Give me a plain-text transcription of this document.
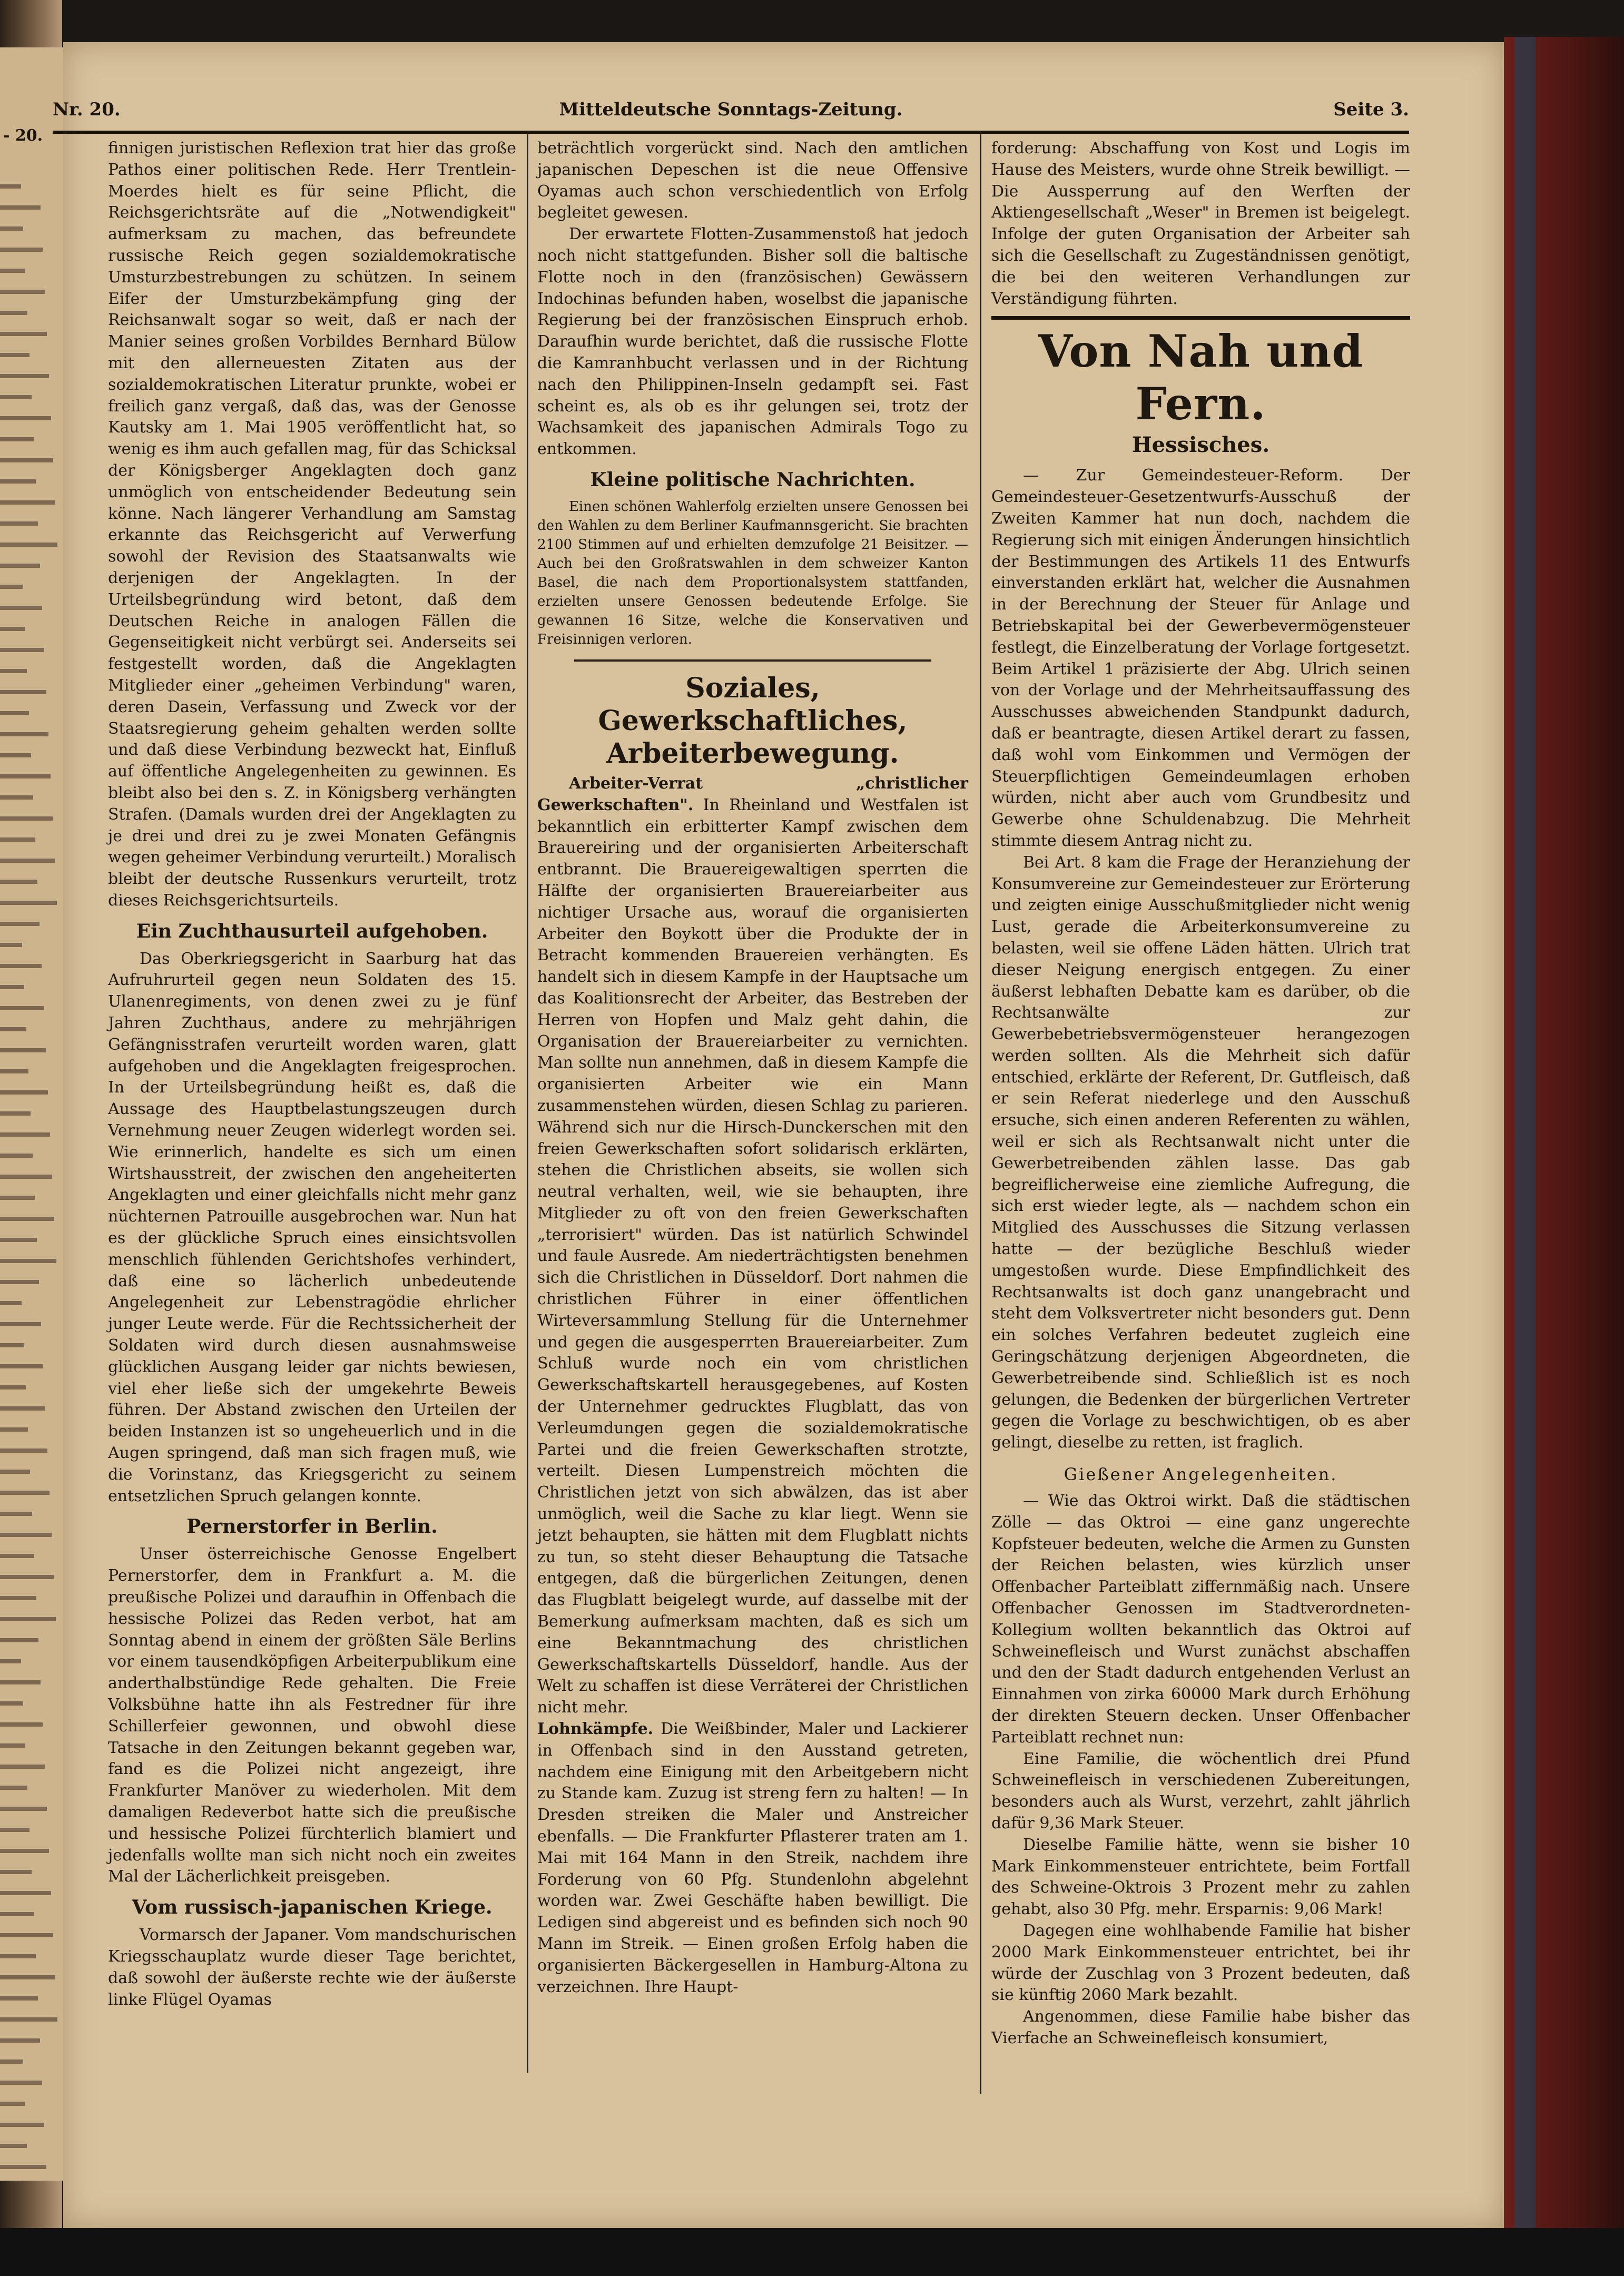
- 20.
Nr. 20.	Mitteldeutsche Sonntags-Zeitung.	Seite 3.

finnigen juristischen Reflexion trat hier das große Pathos einer politischen Rede. Herr Trentlein-Moerdes hielt es für seine Pflicht, die Reichsgerichtsräte auf die „Notwendigkeit" aufmerksam zu machen, das befreundete russische Reich gegen sozialdemokratische Umsturzbestrebungen zu schützen. In seinem Eifer der Umsturzbekämpfung ging der Reichsanwalt sogar so weit, daß er nach der Manier seines großen Vorbildes Bernhard Bülow mit den allerneuesten Zitaten aus der sozialdemokratischen Literatur prunkte, wobei er freilich ganz vergaß, daß das, was der Genosse Kautsky am 1. Mai 1905 veröffentlicht hat, so wenig es ihm auch gefallen mag, für das Schicksal der Königsberger Angeklagten doch ganz unmöglich von entscheidender Bedeutung sein könne. Nach längerer Verhandlung am Samstag erkannte das Reichsgericht auf Verwerfung sowohl der Revision des Staatsanwalts wie derjenigen der Angeklagten. In der Urteilsbegründung wird betont, daß dem Deutschen Reiche in analogen Fällen die Gegenseitigkeit nicht verbürgt sei. Anderseits sei festgestellt worden, daß die Angeklagten Mitglieder einer „geheimen Verbindung" waren, deren Dasein, Verfassung und Zweck vor der Staatsregierung geheim gehalten werden sollte und daß diese Verbindung bezweckt hat, Einfluß auf öffentliche Angelegenheiten zu gewinnen. Es bleibt also bei den s. Z. in Königsberg verhängten Strafen. (Damals wurden drei der Angeklagten zu je drei und drei zu je zwei Monaten Gefängnis wegen geheimer Verbindung verurteilt.) Moralisch bleibt der deutsche Russenkurs verurteilt, trotz dieses Reichsgerichtsurteils.

Ein Zuchthausurteil aufgehoben.

Das Oberkriegsgericht in Saarburg hat das Aufruhrurteil gegen neun Soldaten des 15. Ulanenregiments, von denen zwei zu je fünf Jahren Zuchthaus, andere zu mehrjährigen Gefängnisstrafen verurteilt worden waren, glatt aufgehoben und die Angeklagten freigesprochen. In der Urteilsbegründung heißt es, daß die Aussage des Hauptbelastungszeugen durch Vernehmung neuer Zeugen widerlegt worden sei. Wie erinnerlich, handelte es sich um einen Wirtshausstreit, der zwischen den angeheiterten Angeklagten und einer gleichfalls nicht mehr ganz nüchternen Patrouille ausgebrochen war. Nun hat es der glückliche Spruch eines einsichtsvollen menschlich fühlenden Gerichtshofes verhindert, daß eine so lächerlich unbedeutende Angelegenheit zur Lebenstragödie ehrlicher junger Leute werde. Für die Rechtssicherheit der Soldaten wird durch diesen ausnahmsweise glücklichen Ausgang leider gar nichts bewiesen, viel eher ließe sich der umgekehrte Beweis führen. Der Abstand zwischen den Urteilen der beiden Instanzen ist so ungeheuerlich und in die Augen springend, daß man sich fragen muß, wie die Vorinstanz, das Kriegsgericht zu seinem entsetzlichen Spruch gelangen konnte.

Pernerstorfer in Berlin.

Unser österreichische Genosse Engelbert Pernerstorfer, dem in Frankfurt a. M. die preußische Polizei und daraufhin in Offenbach die hessische Polizei das Reden verbot, hat am Sonntag abend in einem der größten Säle Berlins vor einem tausendköpfigen Arbeiterpublikum eine anderthalbstündige Rede gehalten. Die Freie Volksbühne hatte ihn als Festredner für ihre Schillerfeier gewonnen, und obwohl diese Tatsache in den Zeitungen bekannt gegeben war, fand es die Polizei nicht angezeigt, ihre Frankfurter Manöver zu wiederholen. Mit dem damaligen Redeverbot hatte sich die preußische und hessische Polizei fürchterlich blamiert und jedenfalls wollte man sich nicht noch ein zweites Mal der Lächerlichkeit preisgeben.

Vom russisch-japanischen Kriege.

Vormarsch der Japaner. Vom mandschurischen Kriegsschauplatz wurde dieser Tage berichtet, daß sowohl der äußerste rechte wie der äußerste linke Flügel Oyamas

beträchtlich vorgerückt sind. Nach den amtlichen japanischen Depeschen ist die neue Offensive Oyamas auch schon verschiedentlich von Erfolg begleitet gewesen.

Der erwartete Flotten-Zusammenstoß hat jedoch noch nicht stattgefunden. Bisher soll die baltische Flotte noch in den (französischen) Gewässern Indochinas befunden haben, woselbst die japanische Regierung bei der französischen Einspruch erhob. Daraufhin wurde berichtet, daß die russische Flotte die Kamranhbucht verlassen und in der Richtung nach den Philippinen-Inseln gedampft sei. Fast scheint es, als ob es ihr gelungen sei, trotz der Wachsamkeit des japanischen Admirals Togo zu entkommen.

Kleine politische Nachrichten.

Einen schönen Wahlerfolg erzielten unsere Genossen bei den Wahlen zu dem Berliner Kaufmannsgericht. Sie brachten 2100 Stimmen auf und erhielten demzufolge 21 Beisitzer. — Auch bei den Großratswahlen in dem schweizer Kanton Basel, die nach dem Proportionalsystem stattfanden, erzielten unsere Genossen bedeutende Erfolge. Sie gewannen 16 Sitze, welche die Konservativen und Freisinnigen verloren.

Soziales, Gewerkschaftliches, Arbeiterbewegung.

Arbeiter-Verrat „christlicher Gewerkschaften". In Rheinland und Westfalen ist bekanntlich ein erbitterter Kampf zwischen dem Brauereiring und der organisierten Arbeiterschaft entbrannt. Die Brauereigewaltigen sperrten die Hälfte der organisierten Brauereiarbeiter aus nichtiger Ursache aus, worauf die organisierten Arbeiter den Boykott über die Produkte der in Betracht kommenden Brauereien verhängten. Es handelt sich in diesem Kampfe in der Hauptsache um das Koalitionsrecht der Arbeiter, das Bestreben der Herren von Hopfen und Malz geht dahin, die Organisation der Brauereiarbeiter zu vernichten. Man sollte nun annehmen, daß in diesem Kampfe die organisierten Arbeiter wie ein Mann zusammenstehen würden, diesen Schlag zu parieren. Während sich nur die Hirsch-Dunckerschen mit den freien Gewerkschaften sofort solidarisch erklärten, stehen die Christlichen abseits, sie wollen sich neutral verhalten, weil, wie sie behaupten, ihre Mitglieder zu oft von den freien Gewerkschaften „terrorisiert" würden. Das ist natürlich Schwindel und faule Ausrede. Am niederträchtigsten benehmen sich die Christlichen in Düsseldorf. Dort nahmen die christlichen Führer in einer öffentlichen Wirteversammlung Stellung für die Unternehmer und gegen die ausgesperrten Brauereiarbeiter. Zum Schluß wurde noch ein vom christlichen Gewerkschaftskartell herausgegebenes, auf Kosten der Unternehmer gedrucktes Flugblatt, das von Verleumdungen gegen die sozialdemokratische Partei und die freien Gewerkschaften strotzte, verteilt. Diesen Lumpenstreich möchten die Christlichen jetzt von sich abwälzen, das ist aber unmöglich, weil die Sache zu klar liegt. Wenn sie jetzt behaupten, sie hätten mit dem Flugblatt nichts zu tun, so steht dieser Behauptung die Tatsache entgegen, daß die bürgerlichen Zeitungen, denen das Flugblatt beigelegt wurde, auf dasselbe mit der Bemerkung aufmerksam machten, daß es sich um eine Bekanntmachung des christlichen Gewerkschaftskartells Düsseldorf, handle. Aus der Welt zu schaffen ist diese Verräterei der Christlichen nicht mehr.

Lohnkämpfe. Die Weißbinder, Maler und Lackierer in Offenbach sind in den Ausstand getreten, nachdem eine Einigung mit den Arbeitgebern nicht zu Stande kam. Zuzug ist streng fern zu halten! — In Dresden streiken die Maler und Anstreicher ebenfalls. — Die Frankfurter Pflasterer traten am 1. Mai mit 164 Mann in den Streik, nachdem ihre Forderung von 60 Pfg. Stundenlohn abgelehnt worden war. Zwei Geschäfte haben bewilligt. Die Ledigen sind abgereist und es befinden sich noch 90 Mann im Streik. — Einen großen Erfolg haben die organisierten Bäckergesellen in Hamburg-Altona zu verzeichnen. Ihre Haupt-

forderung: Abschaffung von Kost und Logis im Hause des Meisters, wurde ohne Streik bewilligt. — Die Aussperrung auf den Werften der Aktiengesellschaft „Weser" in Bremen ist beigelegt. Infolge der guten Organisation der Arbeiter sah sich die Gesellschaft zu Zugeständnissen genötigt, die bei den weiteren Verhandlungen zur Verständigung führten.

Von Nah und Fern.
Hessisches.

— Zur Gemeindesteuer-Reform. Der Gemeindesteuer-Gesetzentwurfs-Ausschuß der Zweiten Kammer hat nun doch, nachdem die Regierung sich mit einigen Änderungen hinsichtlich der Bestimmungen des Artikels 11 des Entwurfs einverstanden erklärt hat, welcher die Ausnahmen in der Berechnung der Steuer für Anlage und Betriebskapital bei der Gewerbevermögensteuer festlegt, die Einzelberatung der Vorlage fortgesetzt. Beim Artikel 1 präzisierte der Abg. Ulrich seinen von der Vorlage und der Mehrheitsauffassung des Ausschusses abweichenden Standpunkt dadurch, daß er beantragte, diesen Artikel derart zu fassen, daß wohl vom Einkommen und Vermögen der Steuerpflichtigen Gemeindeumlagen erhoben würden, nicht aber auch vom Grundbesitz und Gewerbe ohne Schuldenabzug. Die Mehrheit stimmte diesem Antrag nicht zu.

Bei Art. 8 kam die Frage der Heranziehung der Konsumvereine zur Gemeindesteuer zur Erörterung und zeigten einige Ausschußmitglieder nicht wenig Lust, gerade die Arbeiterkonsumvereine zu belasten, weil sie offene Läden hätten. Ulrich trat dieser Neigung energisch entgegen. Zu einer äußerst lebhaften Debatte kam es darüber, ob die Rechtsanwälte zur Gewerbebetriebsvermögensteuer herangezogen werden sollten. Als die Mehrheit sich dafür entschied, erklärte der Referent, Dr. Gutfleisch, daß er sein Referat niederlege und den Ausschuß ersuche, sich einen anderen Referenten zu wählen, weil er sich als Rechtsanwalt nicht unter die Gewerbetreibenden zählen lasse. Das gab begreiflicherweise eine ziemliche Aufregung, die sich erst wieder legte, als — nachdem schon ein Mitglied des Ausschusses die Sitzung verlassen hatte — der bezügliche Beschluß wieder umgestoßen wurde. Diese Empfindlichkeit des Rechtsanwalts ist doch ganz unangebracht und steht dem Volksvertreter nicht besonders gut. Denn ein solches Verfahren bedeutet zugleich eine Geringschätzung derjenigen Abgeordneten, die Gewerbetreibende sind. Schließlich ist es noch gelungen, die Bedenken der bürgerlichen Vertreter gegen die Vorlage zu beschwichtigen, ob es aber gelingt, dieselbe zu retten, ist fraglich.

Gießener Angelegenheiten.

— Wie das Oktroi wirkt. Daß die städtischen Zölle — das Oktroi — eine ganz ungerechte Kopfsteuer bedeuten, welche die Armen zu Gunsten der Reichen belasten, wies kürzlich unser Offenbacher Parteiblatt ziffernmäßig nach. Unsere Offenbacher Genossen im Stadtverordneten-Kollegium wollten bekanntlich das Oktroi auf Schweinefleisch und Wurst zunächst abschaffen und den der Stadt dadurch entgehenden Verlust an Einnahmen von zirka 60000 Mark durch Erhöhung der direkten Steuern decken. Unser Offenbacher Parteiblatt rechnet nun:

Eine Familie, die wöchentlich drei Pfund Schweinefleisch in verschiedenen Zubereitungen, besonders auch als Wurst, verzehrt, zahlt jährlich dafür 9,36 Mark Steuer.

Dieselbe Familie hätte, wenn sie bisher 10 Mark Einkommensteuer entrichtete, beim Fortfall des Schweine-Oktrois 3 Prozent mehr zu zahlen gehabt, also 30 Pfg. mehr. Ersparnis: 9,06 Mark!

Dagegen eine wohlhabende Familie hat bisher 2000 Mark Einkommensteuer entrichtet, bei ihr würde der Zuschlag von 3 Prozent bedeuten, daß sie künftig 2060 Mark bezahlt.

Angenommen, diese Familie habe bisher das Vierfache an Schweinefleisch konsumiert,
